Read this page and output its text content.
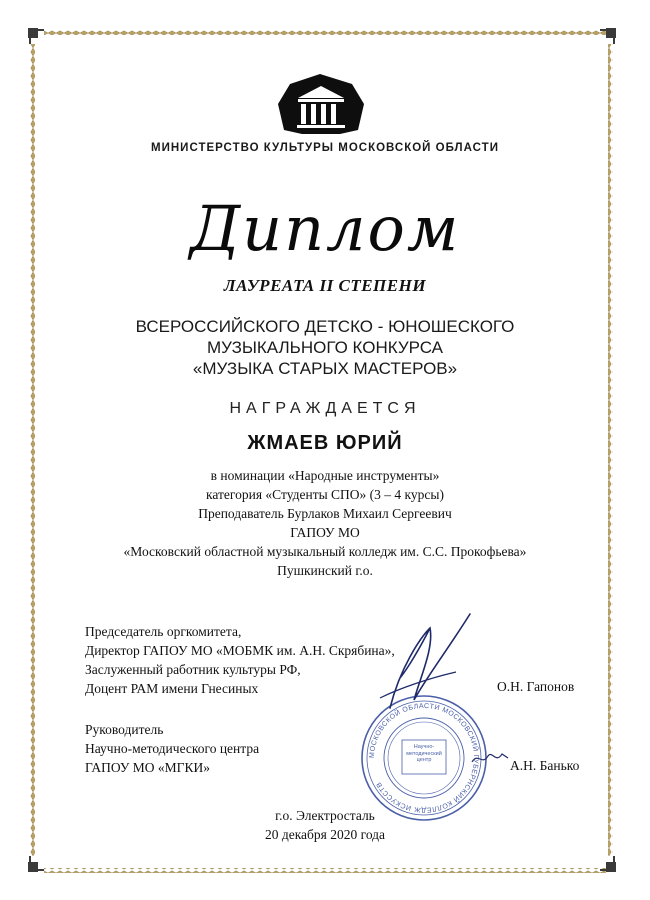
МИНИСТЕРСТВО КУЛЬТУРЫ МОСКОВСКОЙ ОБЛАСТИ
Диплом
ЛАУРЕАТА II СТЕПЕНИ
ВСЕРОССИЙСКОГО ДЕТСКО - ЮНОШЕСКОГО
МУЗЫКАЛЬНОГО КОНКУРСА
«МУЗЫКА СТАРЫХ МАСТЕРОВ»
НАГРАЖДАЕТСЯ
ЖМАЕВ ЮРИЙ
в номинации «Народные инструменты»
категория «Студенты СПО» (3 – 4 курсы)
Преподаватель Бурлаков Михаил Сергеевич
ГАПОУ МО
«Московский областной музыкальный колледж им. С.С. Прокофьева»
Пушкинский г.о.
МОСКОВСКОЙ ОБЛАСТИ МОСКОВСКИЙ ГУБЕРНСКИЙ КОЛЛЕДЖ ИСКУССТВ
Научно-методический центр
Председатель оргкомитета,
Директор ГАПОУ МО «МОБМК им. А.Н. Скрябина»,
Заслуженный работник культуры РФ,
Доцент РАМ имени Гнесиных	О.Н. Гапонов
Руководитель
Научно-методического центра
ГАПОУ МО «МГКИ»	А.Н. Банько
г.о. Электросталь
20 декабря 2020 года
